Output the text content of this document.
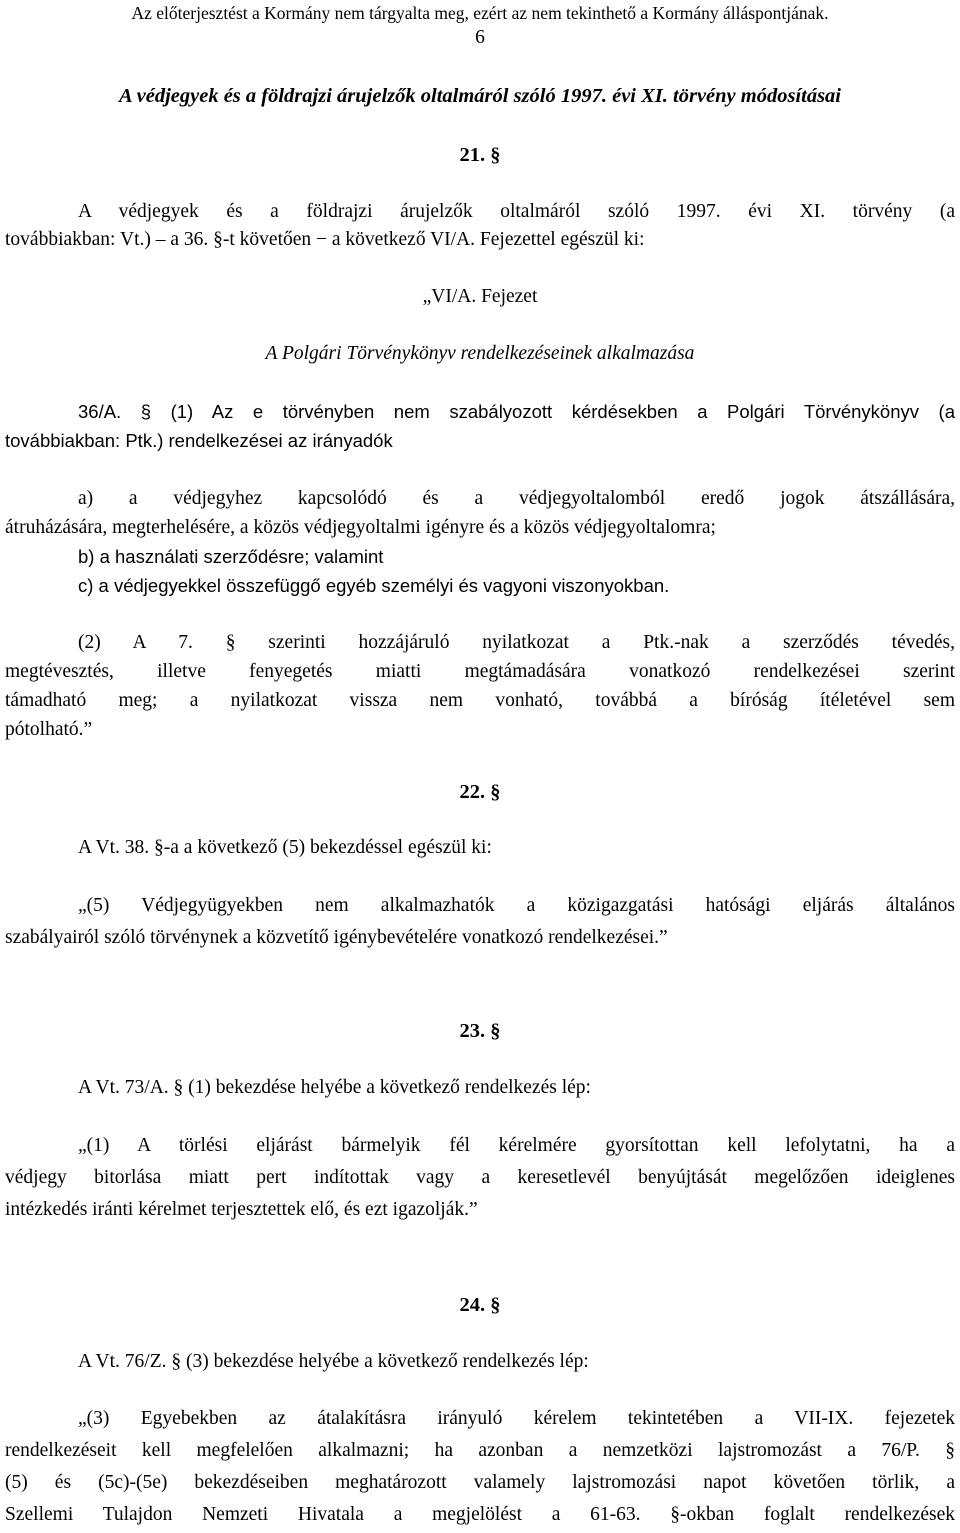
Az előterjesztést a Kormány nem tárgyalta meg, ezért az nem tekinthető a Kormány álláspontjának.
6
A védjegyek és a földrajzi árujelzők oltalmáról szóló 1997. évi XI. törvény módosításai
21. §
A védjegyek és a földrajzi árujelzők oltalmáról szóló 1997. évi XI. törvény (a
továbbiakban: Vt.) – a 36. §-t követően − a következő VI/A. Fejezettel egészül ki:
„VI/A. Fejezet
A Polgári Törvénykönyv rendelkezéseinek alkalmazása
36/A. § (1) Az e törvényben nem szabályozott kérdésekben a Polgári Törvénykönyv (a
továbbiakban: Ptk.) rendelkezései az irányadók
a) a védjegyhez kapcsolódó és a védjegyoltalomból eredő jogok átszállására,
átruházására, megterhelésére, a közös védjegyoltalmi igényre és a közös védjegyoltalomra;
b) a használati szerződésre; valamint
c) a védjegyekkel összefüggő egyéb személyi és vagyoni viszonyokban.
(2) A 7. § szerinti hozzájáruló nyilatkozat a Ptk.-nak a szerződés tévedés,
megtévesztés, illetve fenyegetés miatti megtámadására vonatkozó rendelkezései szerint
támadható meg; a nyilatkozat vissza nem vonható, továbbá a bíróság ítéletével sem
pótolható.”
22. §
A Vt. 38. §-a a következő (5) bekezdéssel egészül ki:
„(5) Védjegyügyekben nem alkalmazhatók a közigazgatási hatósági eljárás általános
szabályairól szóló törvénynek a közvetítő igénybevételére vonatkozó rendelkezései.”
23. §
A Vt. 73/A. § (1) bekezdése helyébe a következő rendelkezés lép:
„(1) A törlési eljárást bármelyik fél kérelmére gyorsítottan kell lefolytatni, ha a
védjegy bitorlása miatt pert indítottak vagy a keresetlevél benyújtását megelőzően ideiglenes
intézkedés iránti kérelmet terjesztettek elő, és ezt igazolják.”
24. §
A Vt. 76/Z. § (3) bekezdése helyébe a következő rendelkezés lép:
„(3) Egyebekben az átalakításra irányuló kérelem tekintetében a VII-IX. fejezetek
rendelkezéseit kell megfelelően alkalmazni; ha azonban a nemzetközi lajstromozást a 76/P. §
(5) és (5c)-(5e) bekezdéseiben meghatározott valamely lajstromozási napot követően törlik, a
Szellemi Tulajdon Nemzeti Hivatala a megjelölést a 61-63. §-okban foglalt rendelkezések
